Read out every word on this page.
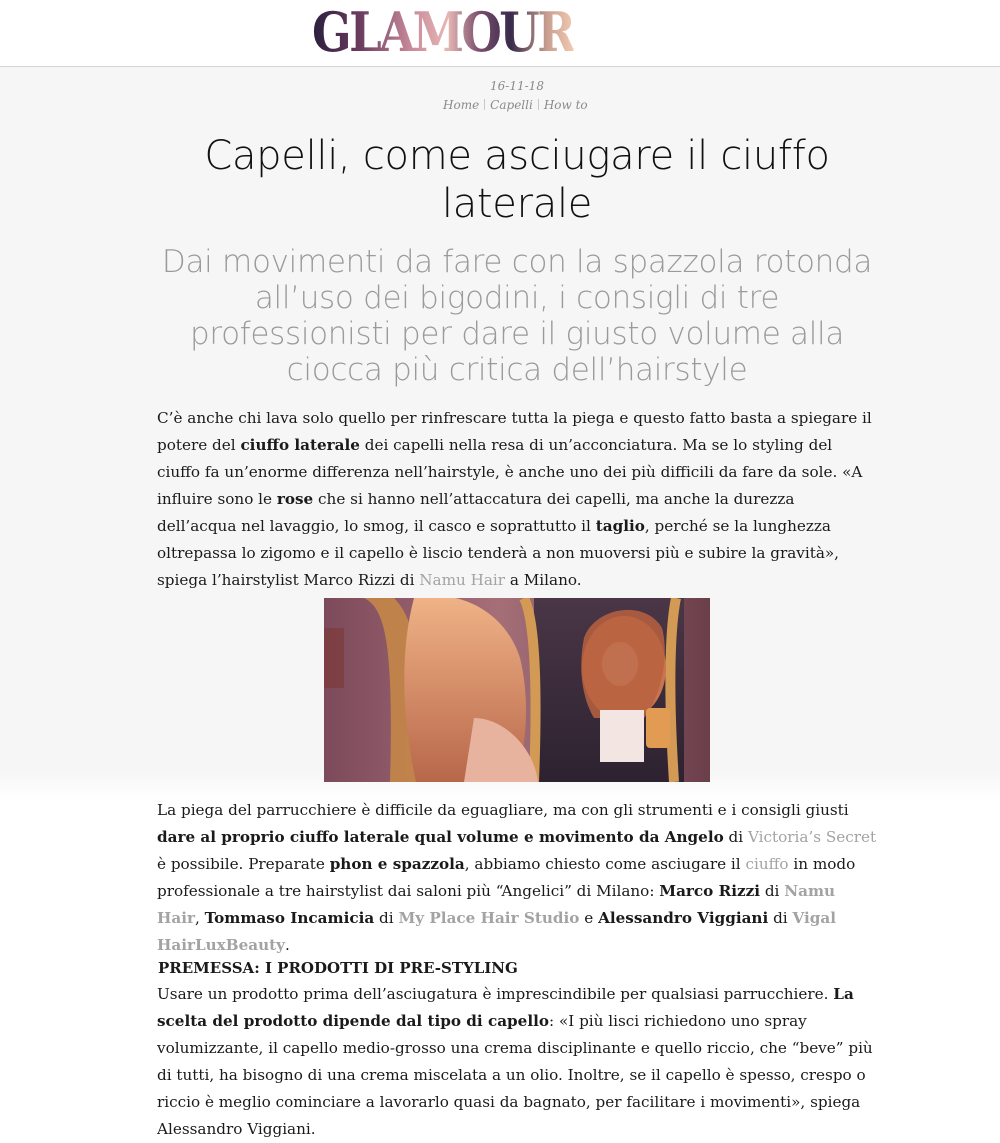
GLAMOUR
16-11-18
Home Capelli How to
Capelli, come asciugare il ciuffo laterale
Dai movimenti da fare con la spazzola rotonda all’uso dei bigodini, i consigli di tre professionisti per dare il giusto volume alla ciocca più critica dell’hairstyle

C’è anche chi lava solo quello per rinfrescare tutta la piega e questo fatto basta a spiegare il potere del ciuffo laterale dei capelli nella resa di un’acconciatura. Ma se lo styling del ciuffo fa un’enorme differenza nell’hairstyle, è anche uno dei più difficili da fare da sole. «A influire sono le rose che si hanno nell’attaccatura dei capelli, ma anche la durezza dell’acqua nel lavaggio, lo smog, il casco e soprattutto il taglio, perché se la lunghezza oltrepassa lo zigomo e il capello è liscio tenderà a non muoversi più e subire la gravità», spiega l’hairstylist Marco Rizzi di Namu Hair a Milano.

La piega del parrucchiere è difficile da eguagliare, ma con gli strumenti e i consigli giusti dare al proprio ciuffo laterale qual volume e movimento da Angelo di Victoria’s Secret è possibile. Preparate phon e spazzola, abbiamo chiesto come asciugare il ciuffo in modo professionale a tre hairstylist dai saloni più “Angelici” di Milano: Marco Rizzi di Namu Hair, Tommaso Incamicia di My Place Hair Studio e Alessandro Viggiani di Vigal HairLuxBeauty.

PREMESSA: I PRODOTTI DI PRE-STYLING

Usare un prodotto prima dell’asciugatura è imprescindibile per qualsiasi parrucchiere. La scelta del prodotto dipende dal tipo di capello: «I più lisci richiedono uno spray volumizzante, il capello medio-grosso una crema disciplinante e quello riccio, che “beve” più di tutti, ha bisogno di una crema miscelata a un olio. Inoltre, se il capello è spesso, crespo o riccio è meglio cominciare a lavorarlo quasi da bagnato, per facilitare i movimenti», spiega Alessandro Viggiani.
